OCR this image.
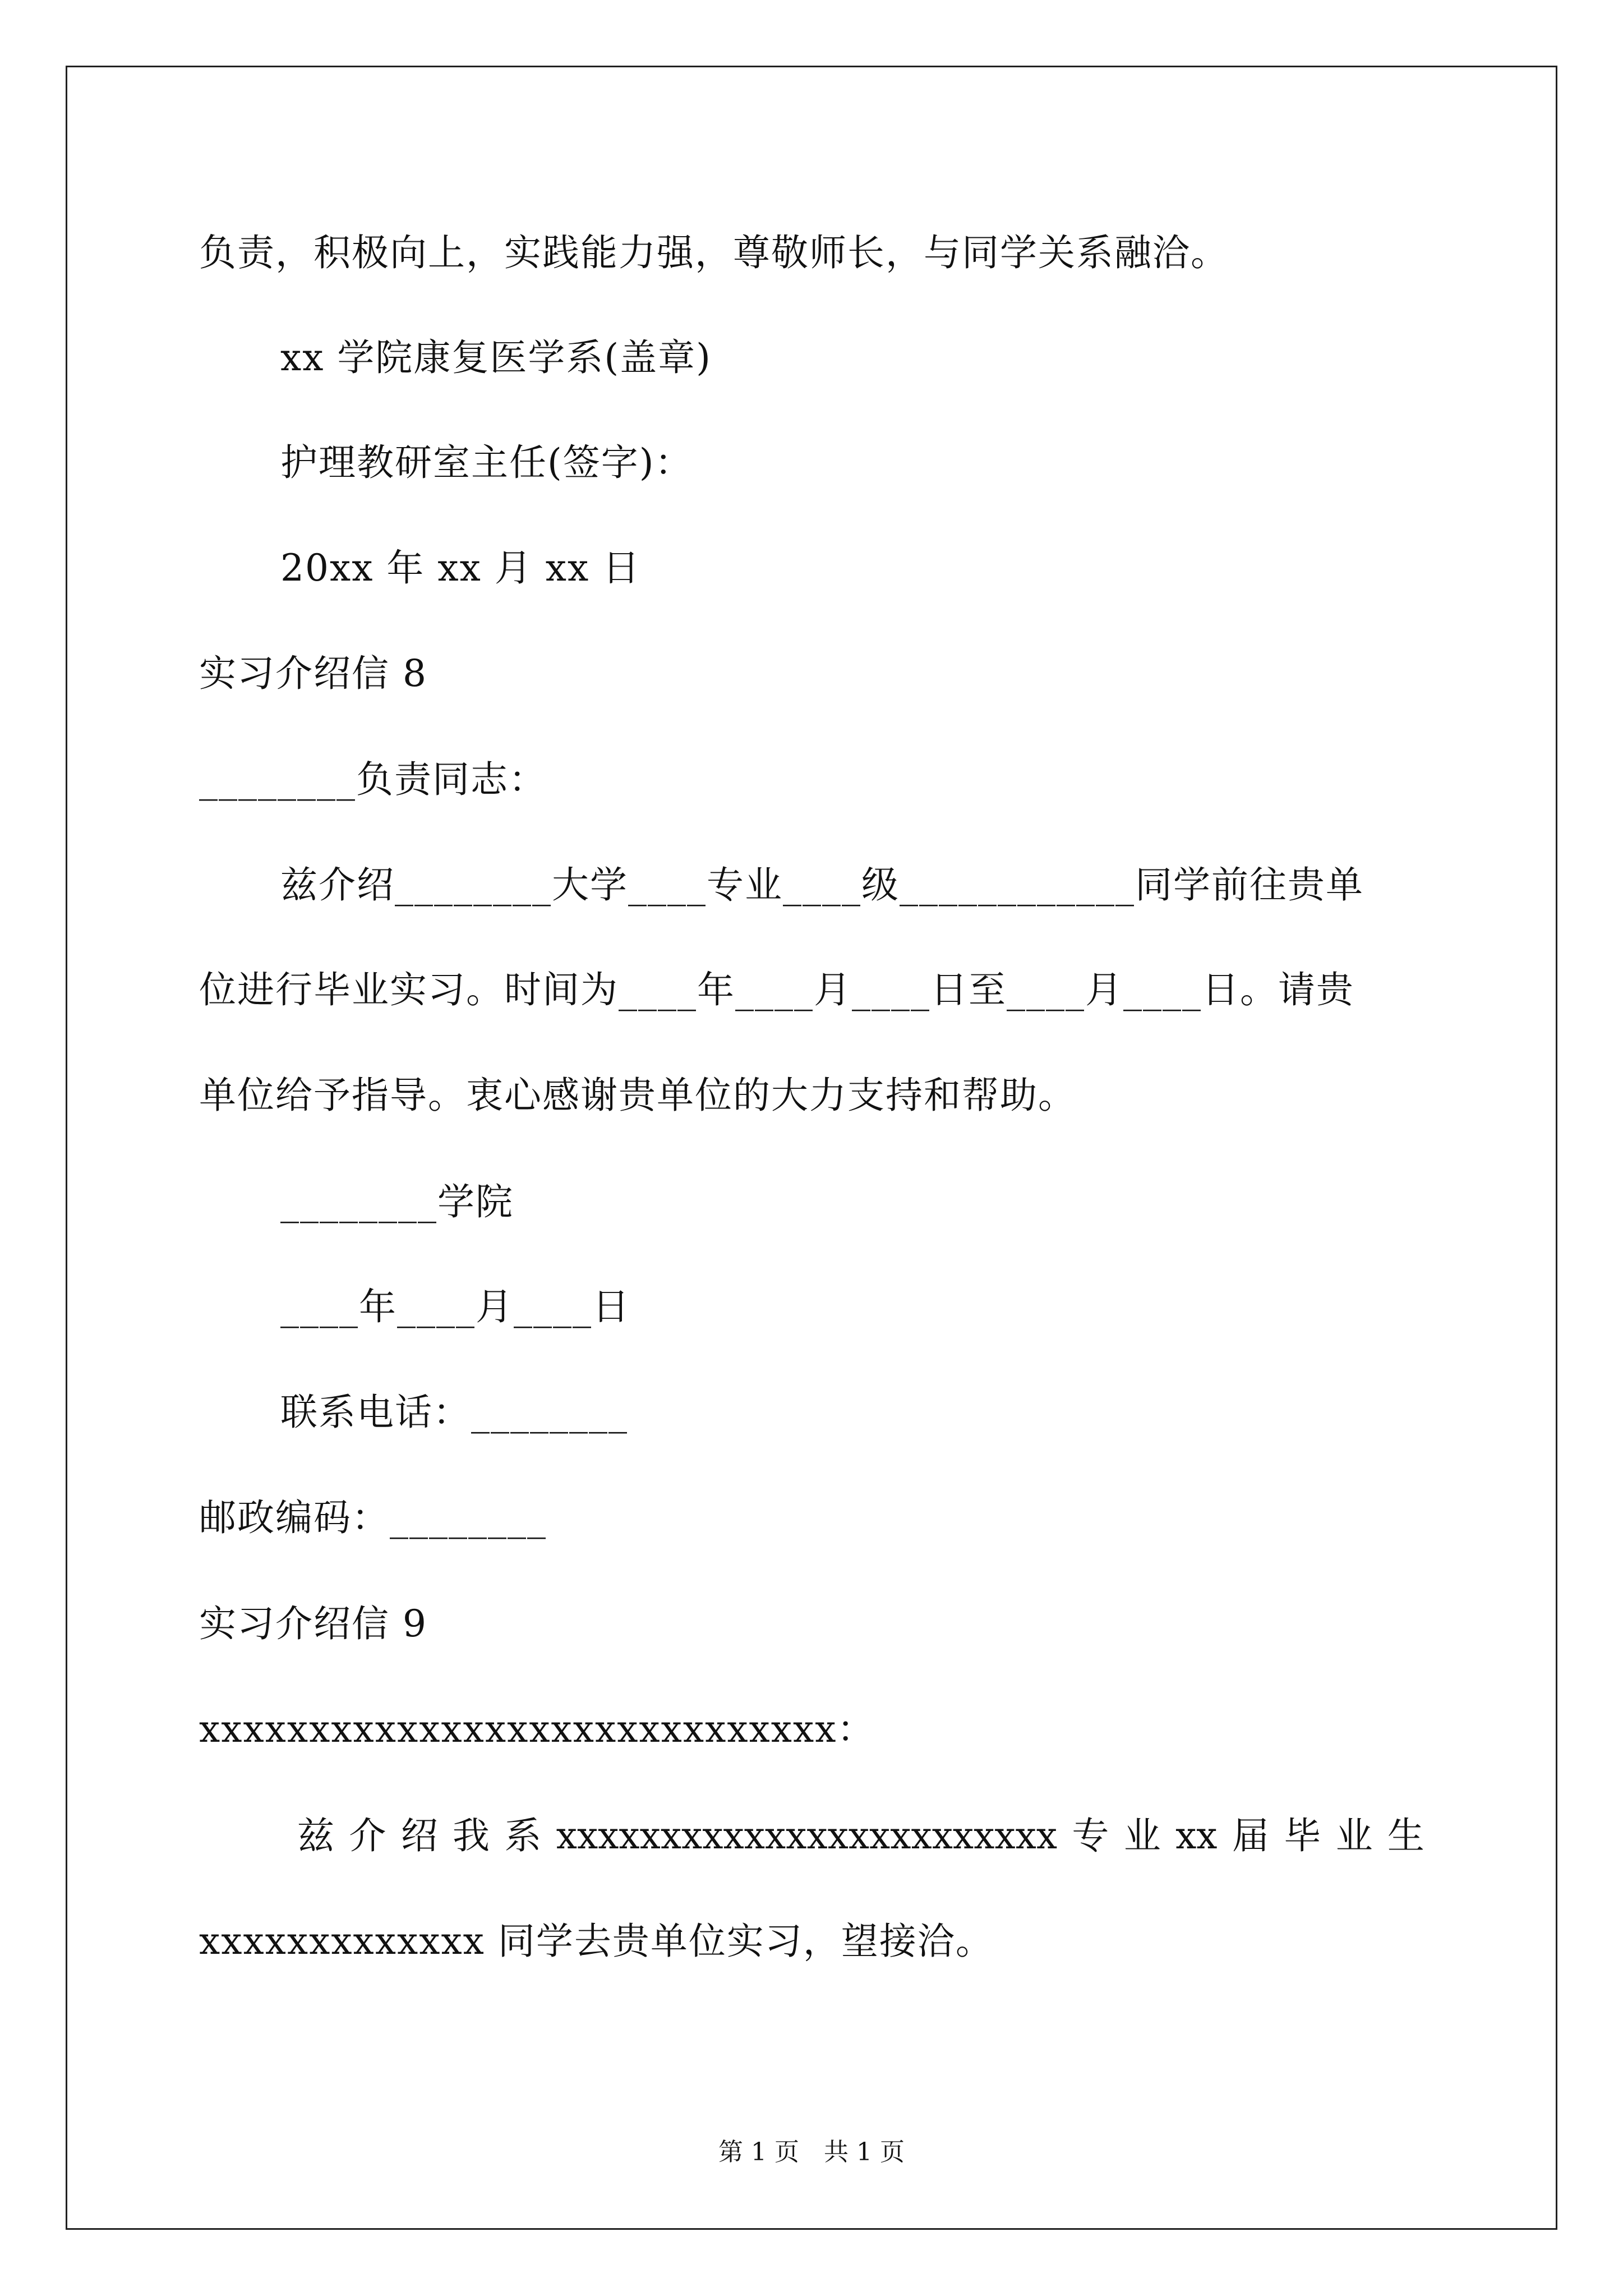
负责，积极向上，实践能力强，尊敬师长，与同学关系融洽。
xx 学院康复医学系(盖章)
护理教研室主任(签字)：
20xx 年 xx 月 xx 日
实习介绍信 8
________负责同志：
兹介绍________大学____专业____级____________同学前往贵单
位进行毕业实习。时间为____年____月____日至____月____日。请贵
单位给予指导。衷心感谢贵单位的大力支持和帮助。
________学院
____年____月____日
联系电话：________
邮政编码：________
实习介绍信 9
xxxxxxxxxxxxxxxxxxxxxxxxxxxxx：
兹 介 绍 我 系 xxxxxxxxxxxxxxxxxxxxxxxx 专 业 xx 届 毕 业 生
xxxxxxxxxxxxx 同学去贵单位实习，望接洽。
第 1 页　共 1 页
